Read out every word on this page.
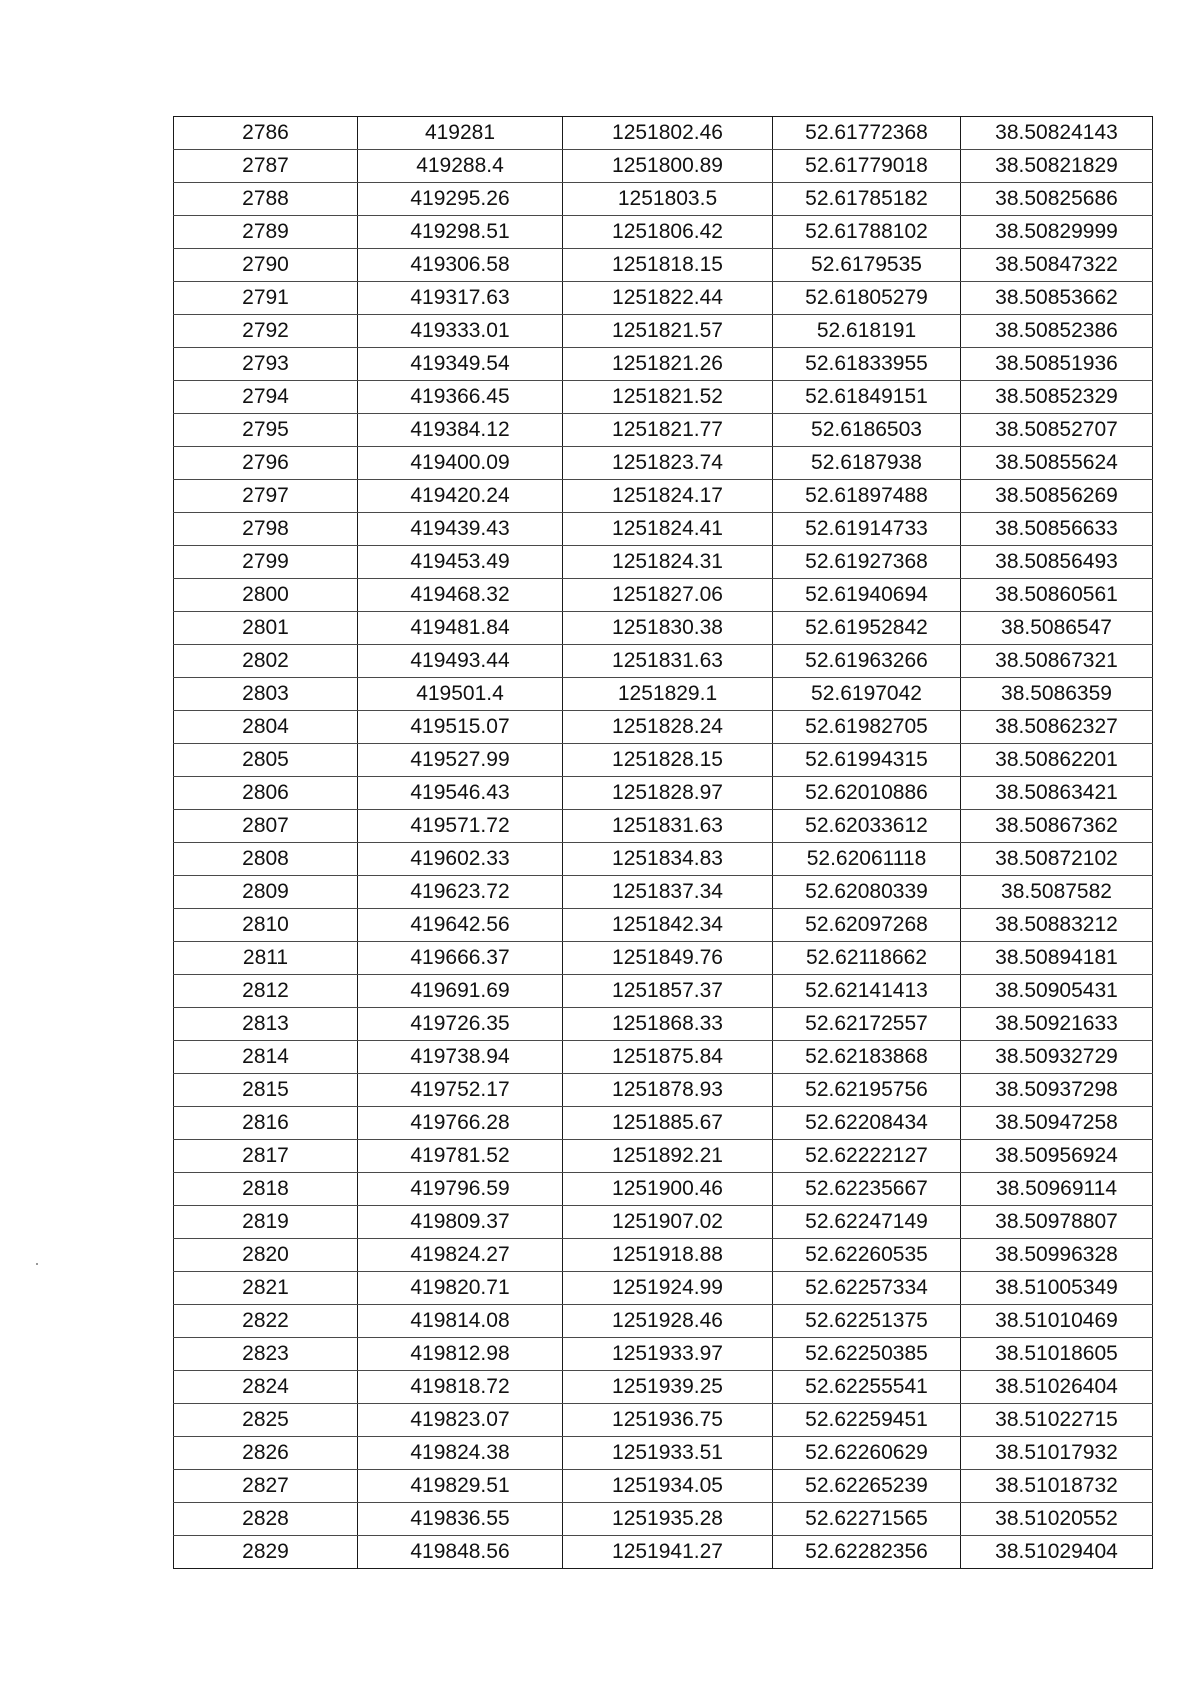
2786	419281	1251802.46	52.61772368	38.50824143
2787	419288.4	1251800.89	52.61779018	38.50821829
2788	419295.26	1251803.5	52.61785182	38.50825686
2789	419298.51	1251806.42	52.61788102	38.50829999
2790	419306.58	1251818.15	52.6179535	38.50847322
2791	419317.63	1251822.44	52.61805279	38.50853662
2792	419333.01	1251821.57	52.618191	38.50852386
2793	419349.54	1251821.26	52.61833955	38.50851936
2794	419366.45	1251821.52	52.61849151	38.50852329
2795	419384.12	1251821.77	52.6186503	38.50852707
2796	419400.09	1251823.74	52.6187938	38.50855624
2797	419420.24	1251824.17	52.61897488	38.50856269
2798	419439.43	1251824.41	52.61914733	38.50856633
2799	419453.49	1251824.31	52.61927368	38.50856493
2800	419468.32	1251827.06	52.61940694	38.50860561
2801	419481.84	1251830.38	52.61952842	38.5086547
2802	419493.44	1251831.63	52.61963266	38.50867321
2803	419501.4	1251829.1	52.6197042	38.5086359
2804	419515.07	1251828.24	52.61982705	38.50862327
2805	419527.99	1251828.15	52.61994315	38.50862201
2806	419546.43	1251828.97	52.62010886	38.50863421
2807	419571.72	1251831.63	52.62033612	38.50867362
2808	419602.33	1251834.83	52.62061118	38.50872102
2809	419623.72	1251837.34	52.62080339	38.5087582
2810	419642.56	1251842.34	52.62097268	38.50883212
2811	419666.37	1251849.76	52.62118662	38.50894181
2812	419691.69	1251857.37	52.62141413	38.50905431
2813	419726.35	1251868.33	52.62172557	38.50921633
2814	419738.94	1251875.84	52.62183868	38.50932729
2815	419752.17	1251878.93	52.62195756	38.50937298
2816	419766.28	1251885.67	52.62208434	38.50947258
2817	419781.52	1251892.21	52.62222127	38.50956924
2818	419796.59	1251900.46	52.62235667	38.50969114
2819	419809.37	1251907.02	52.62247149	38.50978807
2820	419824.27	1251918.88	52.62260535	38.50996328
2821	419820.71	1251924.99	52.62257334	38.51005349
2822	419814.08	1251928.46	52.62251375	38.51010469
2823	419812.98	1251933.97	52.62250385	38.51018605
2824	419818.72	1251939.25	52.62255541	38.51026404
2825	419823.07	1251936.75	52.62259451	38.51022715
2826	419824.38	1251933.51	52.62260629	38.51017932
2827	419829.51	1251934.05	52.62265239	38.51018732
2828	419836.55	1251935.28	52.62271565	38.51020552
2829	419848.56	1251941.27	52.62282356	38.51029404
